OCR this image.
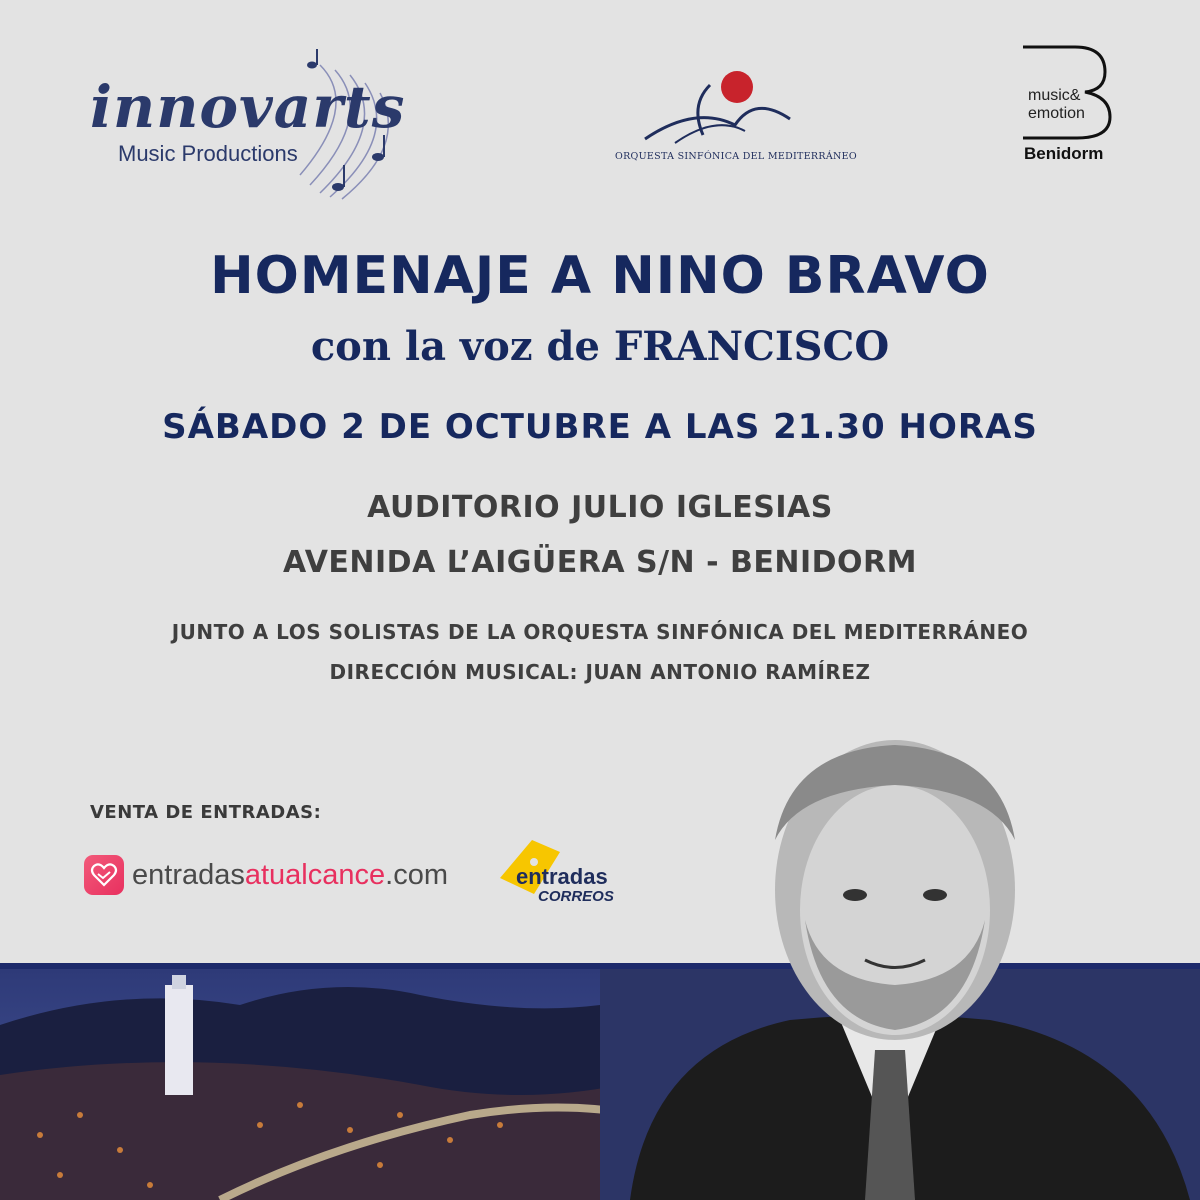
innovarts
Music Productions	ORQUESTA SINFÓNICA DEL MEDITERRÁNEO
music&
emotion
Benidorm
HOMENAJE A NINO BRAVO
con la voz de FRANCISCO
SÁBADO 2 DE OCTUBRE A LAS 21.30 HORAS
AUDITORIO JULIO IGLESIAS
AVENIDA L’AIGÜERA S/N - BENIDORM
JUNTO A LOS SOLISTAS DE LA ORQUESTA SINFÓNICA DEL MEDITERRÁNEO
DIRECCIÓN MUSICAL: JUAN ANTONIO RAMÍREZ
VENTA DE ENTRADAS:
entradasatualcance.com	entradas
CORREOS
